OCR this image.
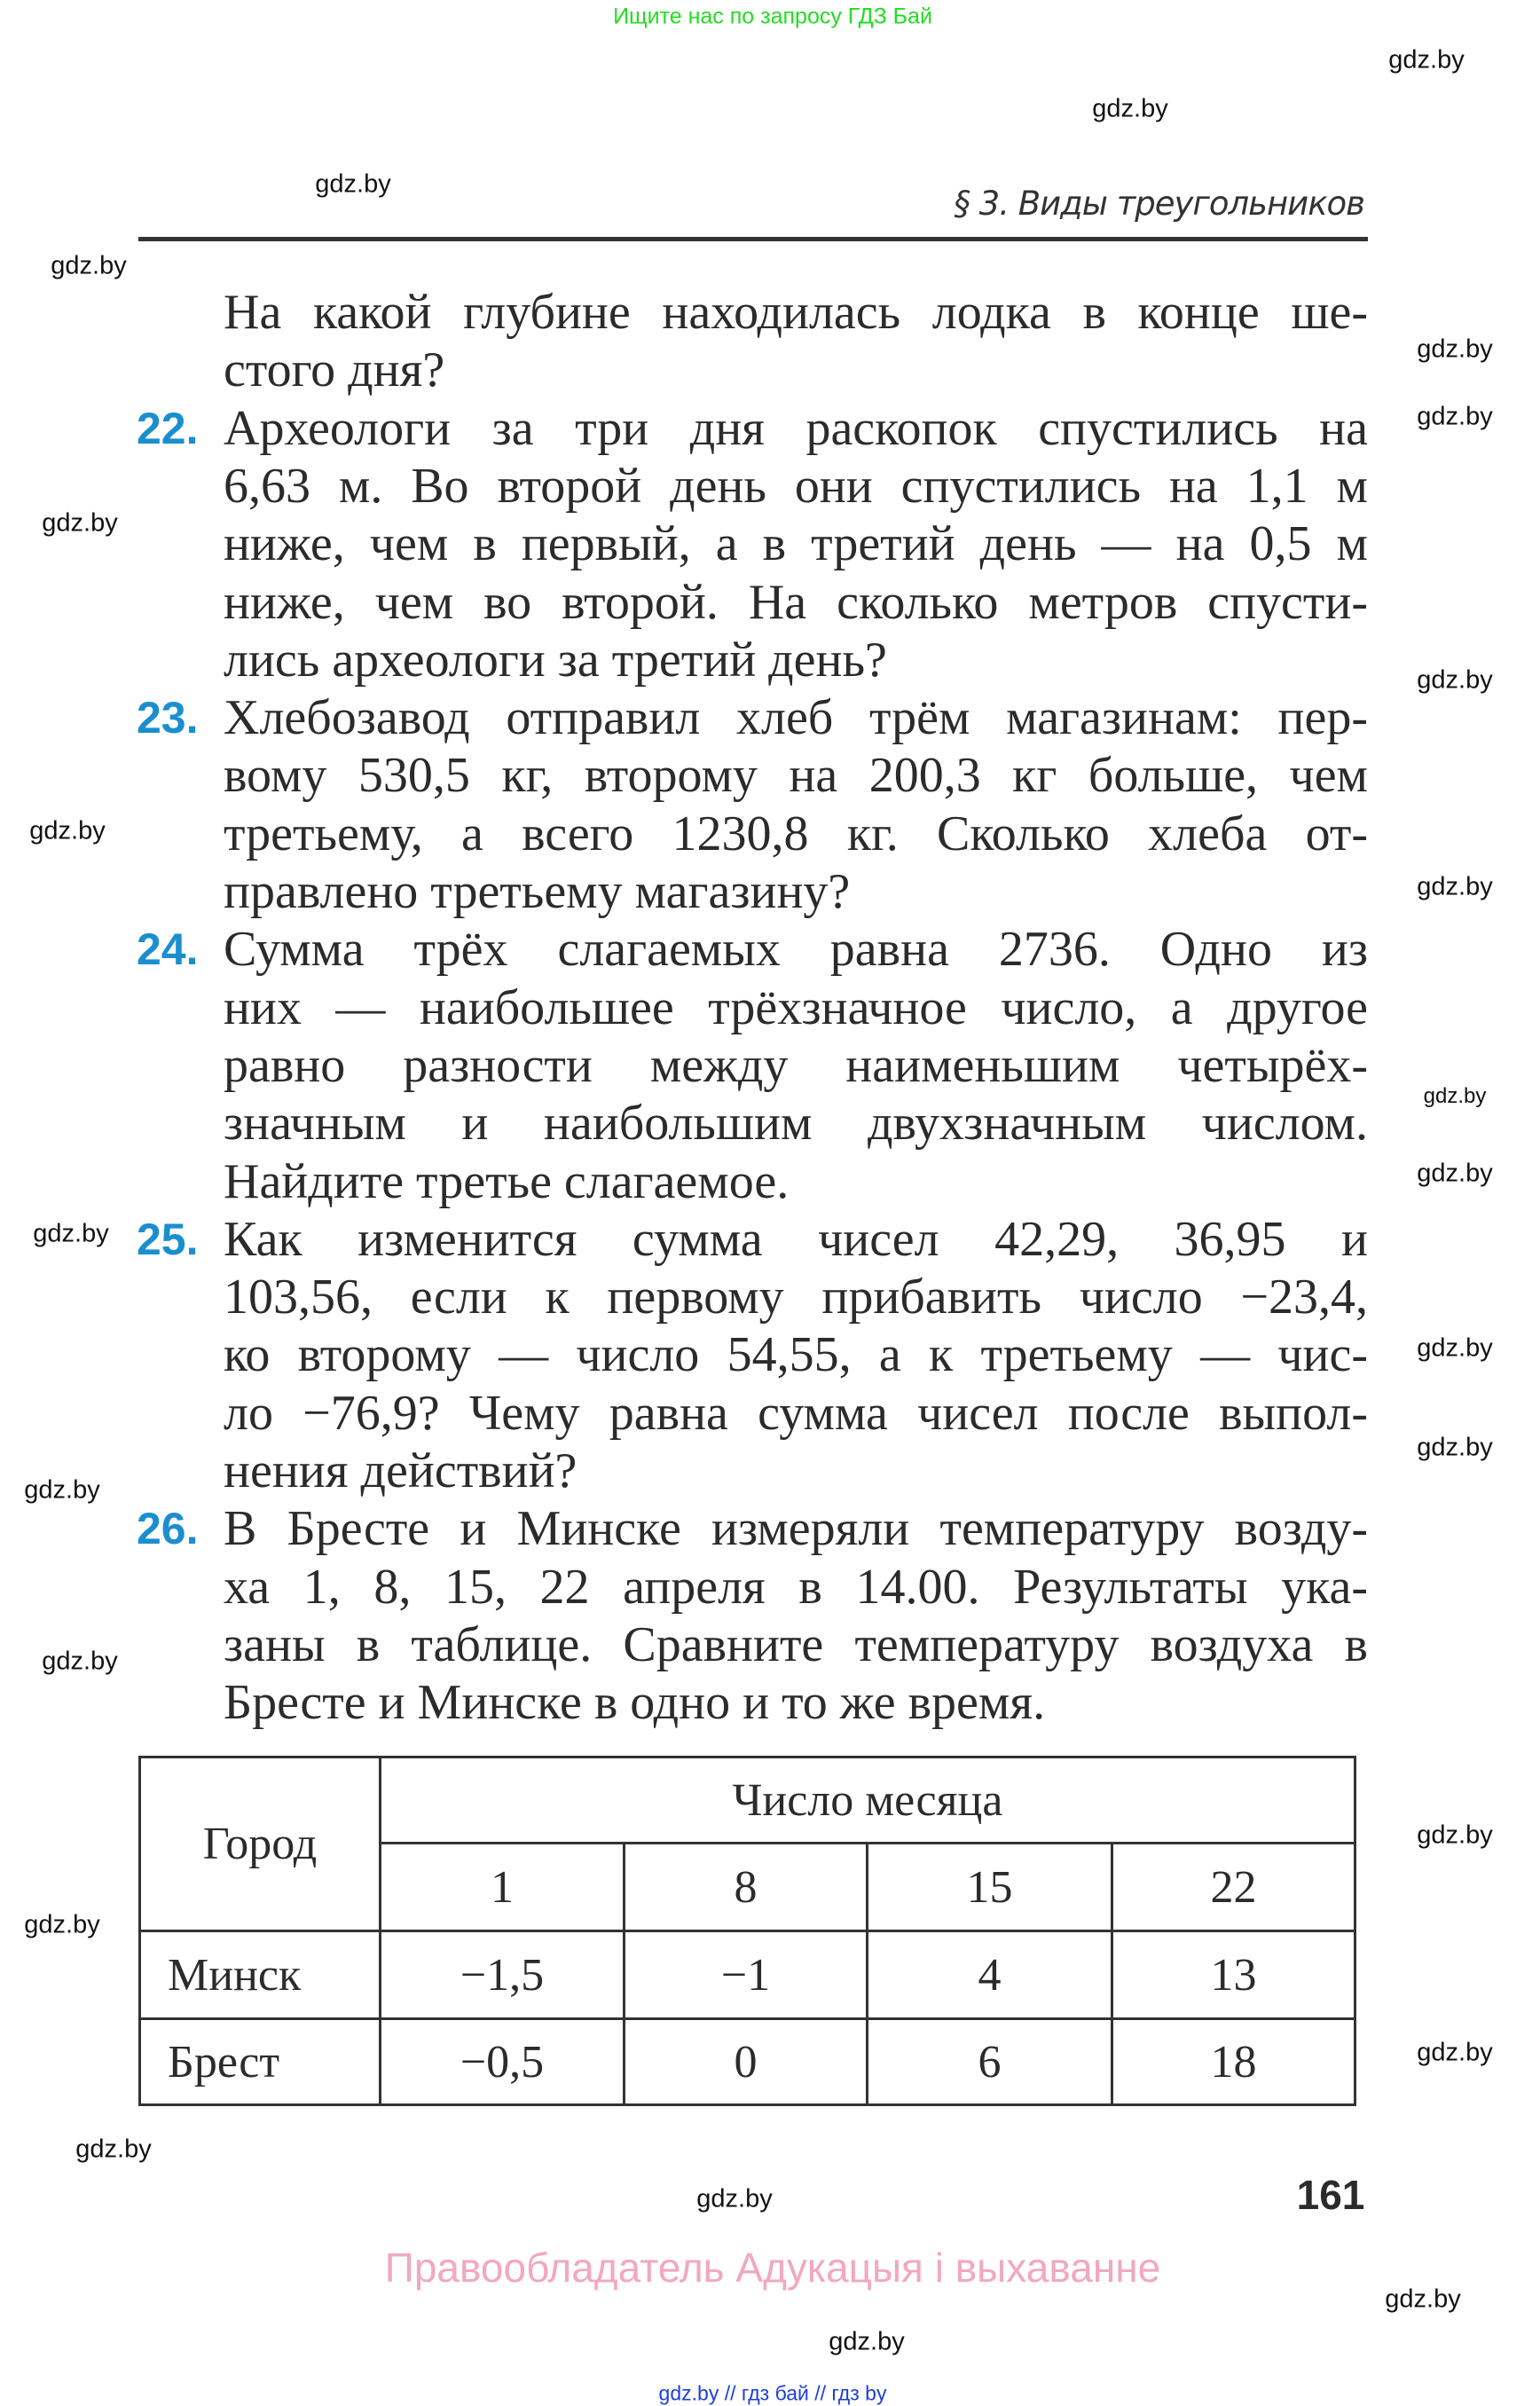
Ищите нас по запросу ГДЗ Бай
§ 3. Виды треугольников
На какой глубине находилась лодка в конце ше-
стого дня?
22. Археологи за три дня раскопок спустились на
6,63 м. Во второй день они спустились на 1,1 м
ниже, чем в первый, а в третий день — на 0,5 м
ниже, чем во второй. На сколько метров спусти-
лись археологи за третий день?
23. Хлебозавод отправил хлеб трём магазинам: пер-
вому 530,5 кг, второму на 200,3 кг больше, чем
третьему, а всего 1230,8 кг. Сколько хлеба от-
правлено третьему магазину?
24. Сумма трёх слагаемых равна 2736. Одно из
них — наибольшее трёхзначное число, а другое
равно разности между наименьшим четырёх-
значным и наибольшим двухзначным числом.
Найдите третье слагаемое.
25. Как изменится сумма чисел 42,29, 36,95 и
103,56, если к первому прибавить число −23,4,
ко второму — число 54,55, а к третьему — чис-
ло −76,9? Чему равна сумма чисел после выпол-
нения действий?
26. В Бресте и Минске измеряли температуру возду-
ха 1, 8, 15, 22 апреля в 14.00. Результаты ука-
заны в таблице. Сравните температуру воздуха в
Бресте и Минске в одно и то же время.
Город	Число месяца			
	1	8	15	22
Минск	−1,5	−1	4	13
Брест	−0,5	0	6	18
161
Правообладатель Адукацыя і выхаванне
gdz.by // гдз бай // гдз by
gdz.by
gdz.by
gdz.by
gdz.by
gdz.by
gdz.by
gdz.by
gdz.by
gdz.by
gdz.by
gdz.by
gdz.by
gdz.by
gdz.by
gdz.by
gdz.by
gdz.by
gdz.by
gdz.by
gdz.by
gdz.by
gdz.by
gdz.by
gdz.by
